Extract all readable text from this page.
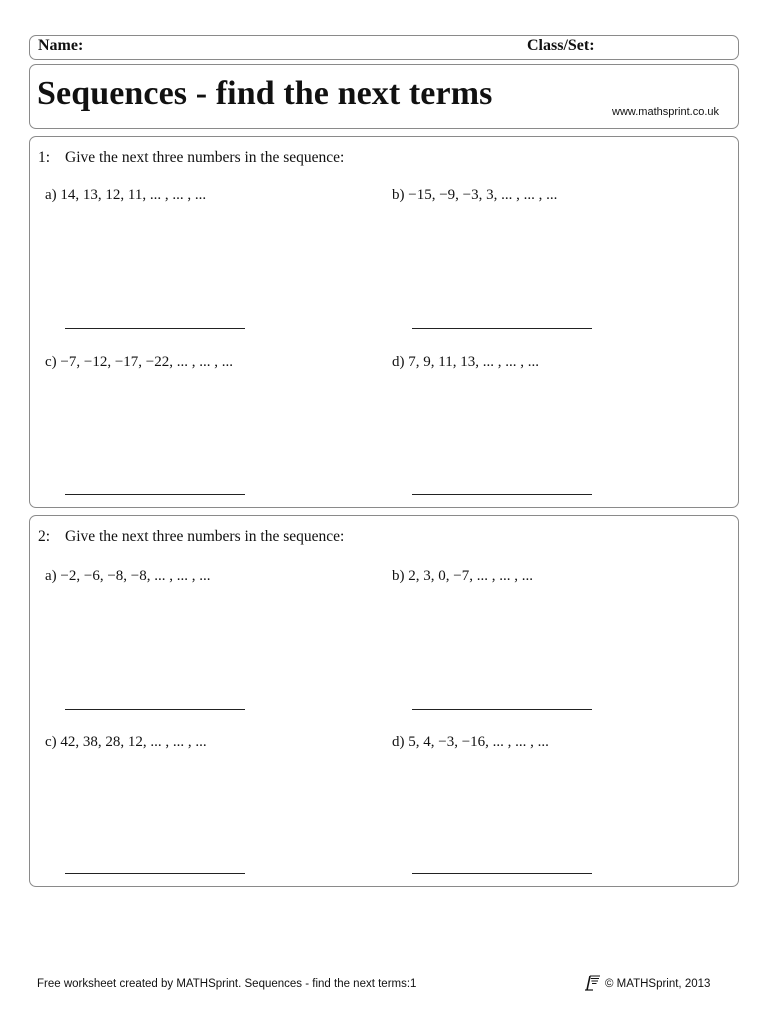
Name:	Class/Set:
Sequences - find the next terms	www.mathsprint.co.uk
1: Give the next three numbers in the sequence:
a) 14, 13, 12, 11, ... , ... , ...	b) −15, −9, −3, 3, ... , ... , ...
c) −7, −12, −17, −22, ... , ... , ...	d) 7, 9, 11, 13, ... , ... , ...
2: Give the next three numbers in the sequence:
a) −2, −6, −8, −8, ... , ... , ...	b) 2, 3, 0, −7, ... , ... , ...
c) 42, 38, 28, 12, ... , ... , ...	d) 5, 4, −3, −16, ... , ... , ...
Free worksheet created by MATHSprint. Sequences - find the next terms:1	© MATHSprint, 2013
